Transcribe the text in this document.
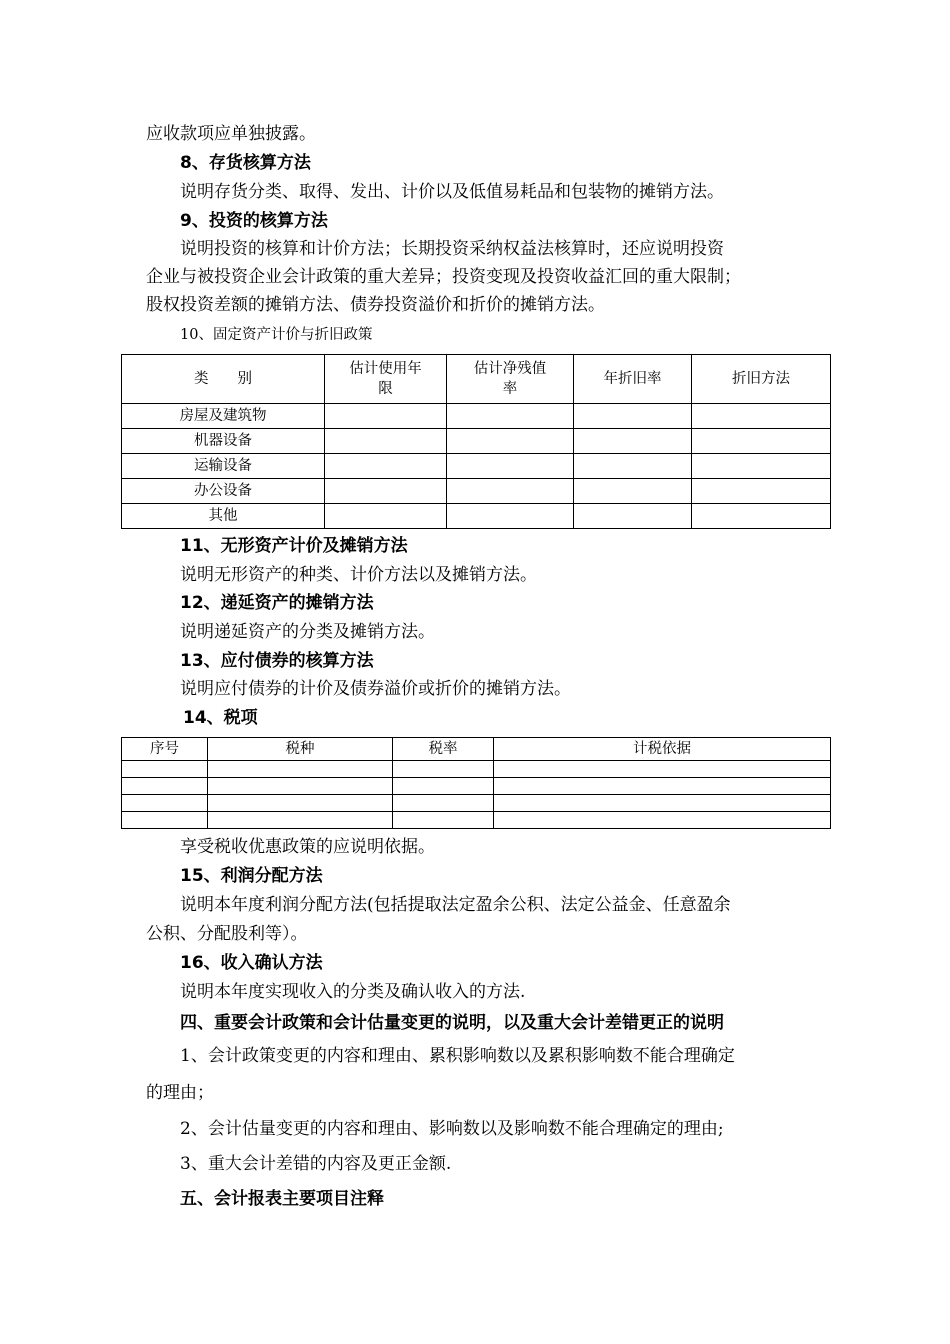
应收款项应单独披露。
8、存货核算方法
说明存货分类、取得、发出、计价以及低值易耗品和包装物的摊销方法。
9、投资的核算方法
说明投资的核算和计价方法；长期投资采纳权益法核算时，还应说明投资
企业与被投资企业会计政策的重大差异；投资变现及投资收益汇回的重大限制；
股权投资差额的摊销方法、债券投资溢价和折价的摊销方法。
10、固定资产计价与折旧政策
类　　别	估计使用年限	估计净残值率	年折旧率	折旧方法
房屋及建筑物				
机器设备				
运输设备				
办公设备				
其他				
11、无形资产计价及摊销方法
说明无形资产的种类、计价方法以及摊销方法。
12、递延资产的摊销方法
说明递延资产的分类及摊销方法。
13、应付债券的核算方法
说明应付债券的计价及债券溢价或折价的摊销方法。
14、税项
序号	税种	税率	计税依据

享受税收优惠政策的应说明依据。
15、利润分配方法
说明本年度利润分配方法(包括提取法定盈余公积、法定公益金、任意盈余
公积、分配股利等）。
16、收入确认方法
说明本年度实现收入的分类及确认收入的方法.
四、重要会计政策和会计估量变更的说明，以及重大会计差错更正的说明
1、会计政策变更的内容和理由、累积影响数以及累积影响数不能合理确定
的理由；
2、会计估量变更的内容和理由、影响数以及影响数不能合理确定的理由;
3、重大会计差错的内容及更正金额.
五、会计报表主要项目注释
